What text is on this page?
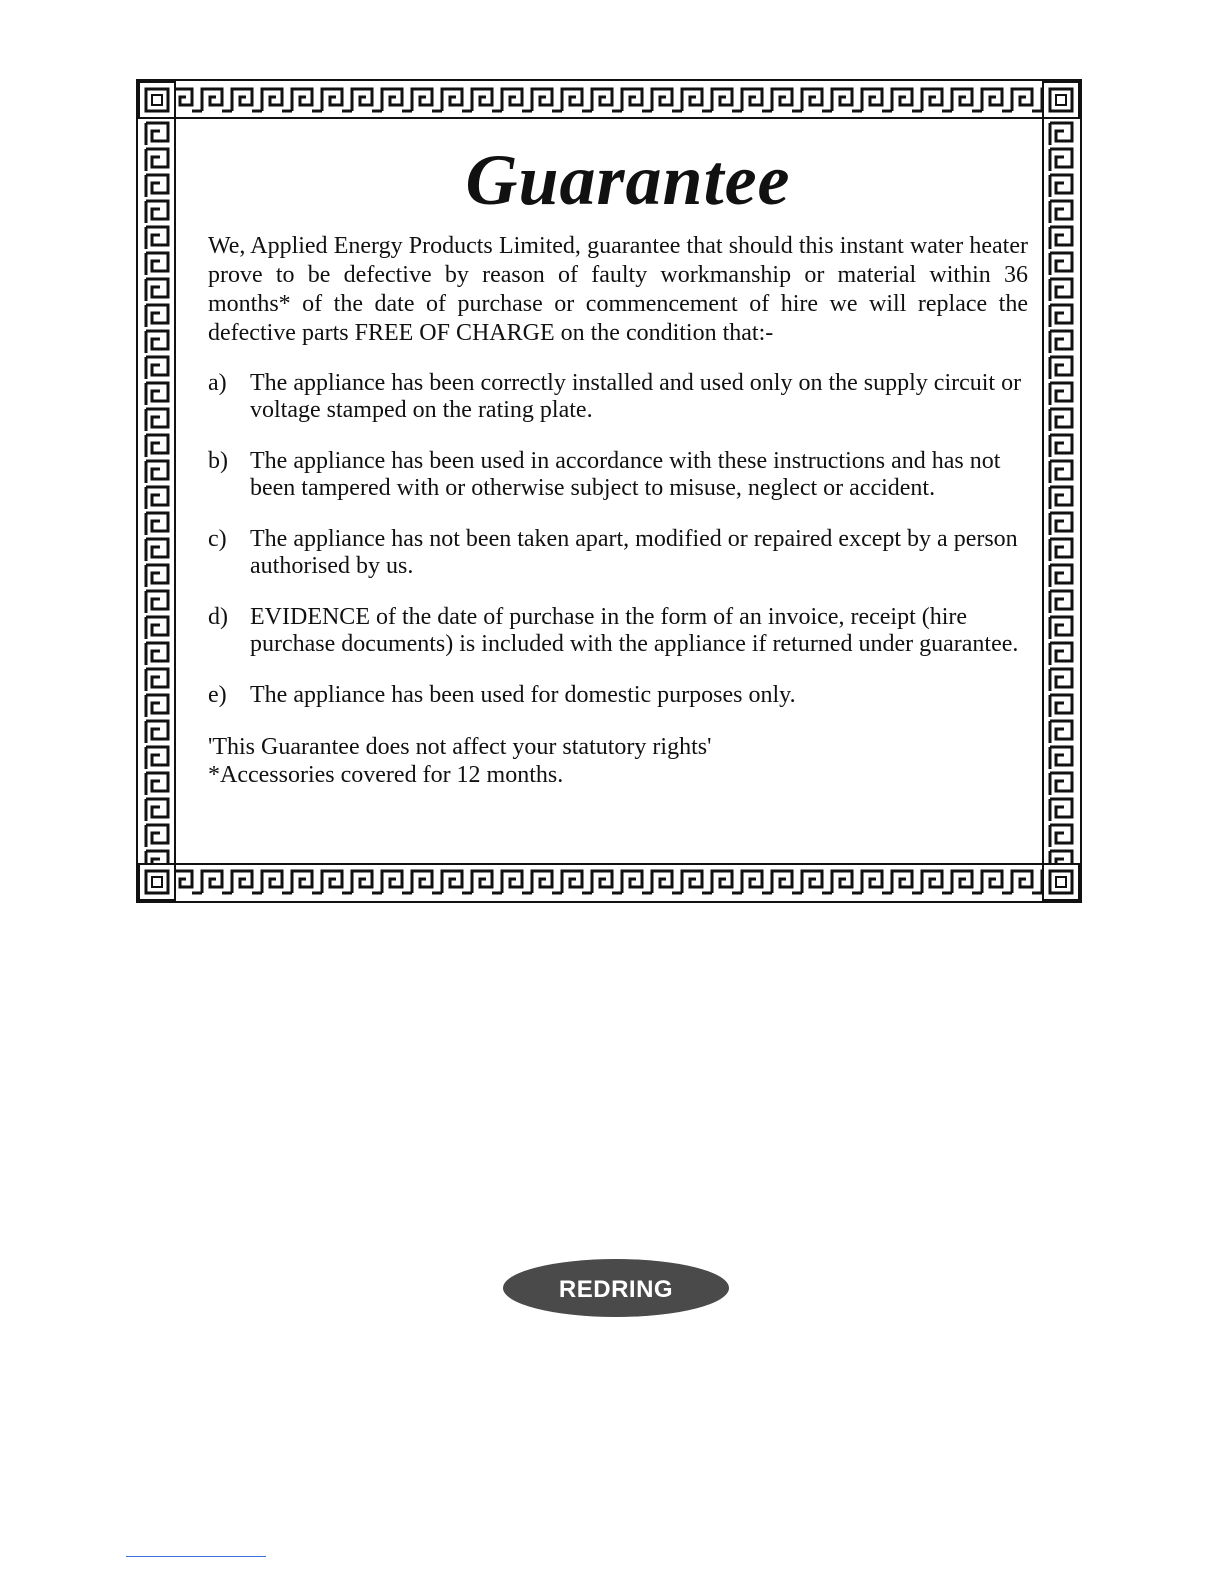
Guarantee

We, Applied Energy Products Limited, guarantee that should this instant water heater prove to be defective by reason of faulty workmanship or material within 36 months* of the date of purchase or commencement of hire we will replace the defective parts FREE OF CHARGE on the condition that:-

a) The appliance has been correctly installed and used only on the supply circuit or voltage stamped on the rating plate.
b) The appliance has been used in accordance with these instructions and has not been tampered with or otherwise subject to misuse, neglect or accident.
c) The appliance has not been taken apart, modified or repaired except by a person authorised by us.
d) EVIDENCE of the date of purchase in the form of an invoice, receipt (hire purchase documents) is included with the appliance if returned under guarantee.
e) The appliance has been used for domestic purposes only.
'This Guarantee does not affect your statutory rights'
*Accessories covered for 12 months.
REDRING
